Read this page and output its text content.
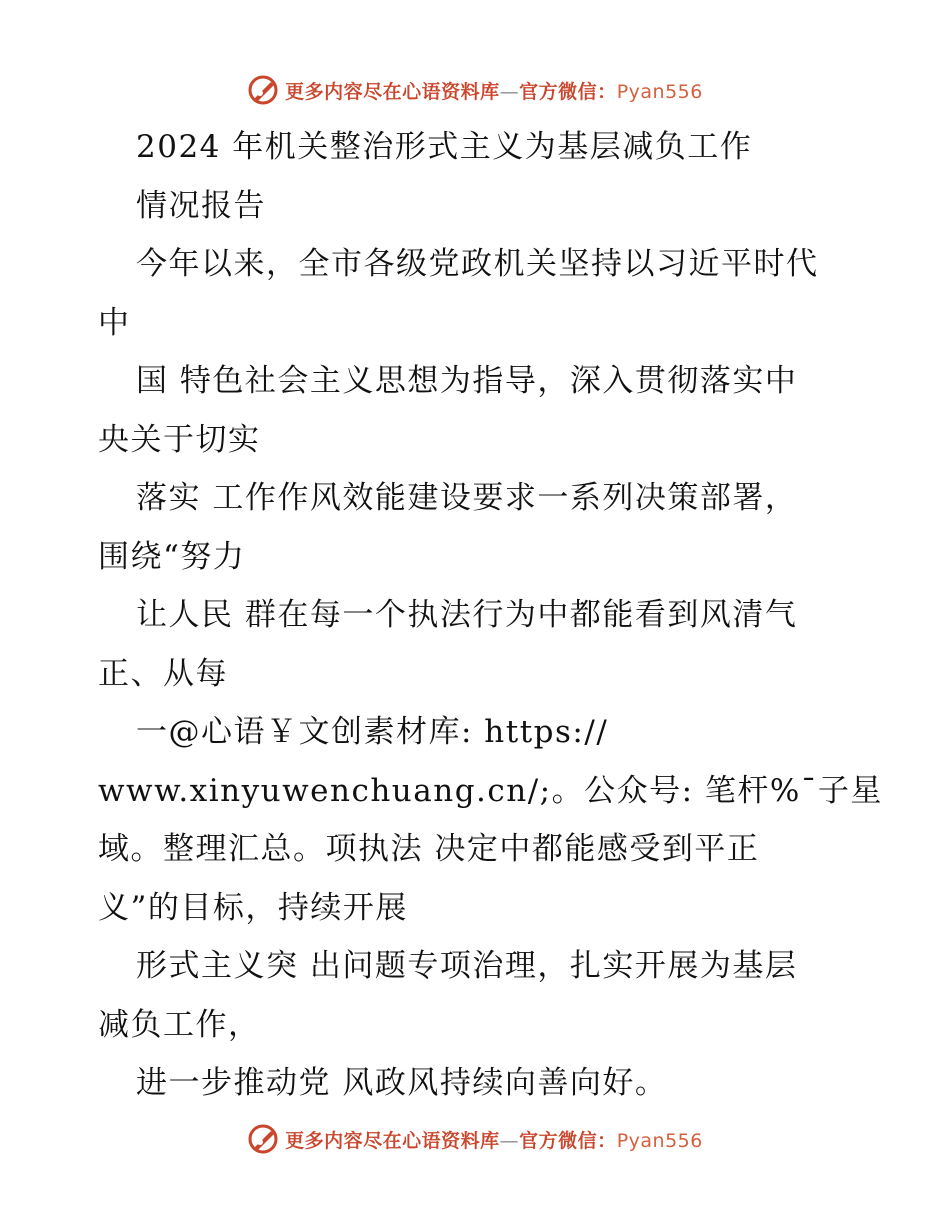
更多内容尽在心语资料库—官方微信：Pyan556
2024 年机关整治形式主义为基层减负工作
情况报告
今年以来，全市各级党政机关坚持以习近平时代
中
国 特色社会主义思想为指导，深入贯彻落实中
央关于切实
落实 工作作风效能建设要求一系列决策部署，
围绕“努力
让人民 群在每一个执法行为中都能看到风清气
正、从每
一@心语￥文创素材库: https://
www.xinyuwenchuang.cn/;。公众号: 笔杆%¯子星
域。整理汇总。项执法 决定中都能感受到平正
义”的目标，持续开展
形式主义突 出问题专项治理，扎实开展为基层
减负工作，
进一步推动党 风政风持续向善向好。
更多内容尽在心语资料库—官方微信：Pyan556
